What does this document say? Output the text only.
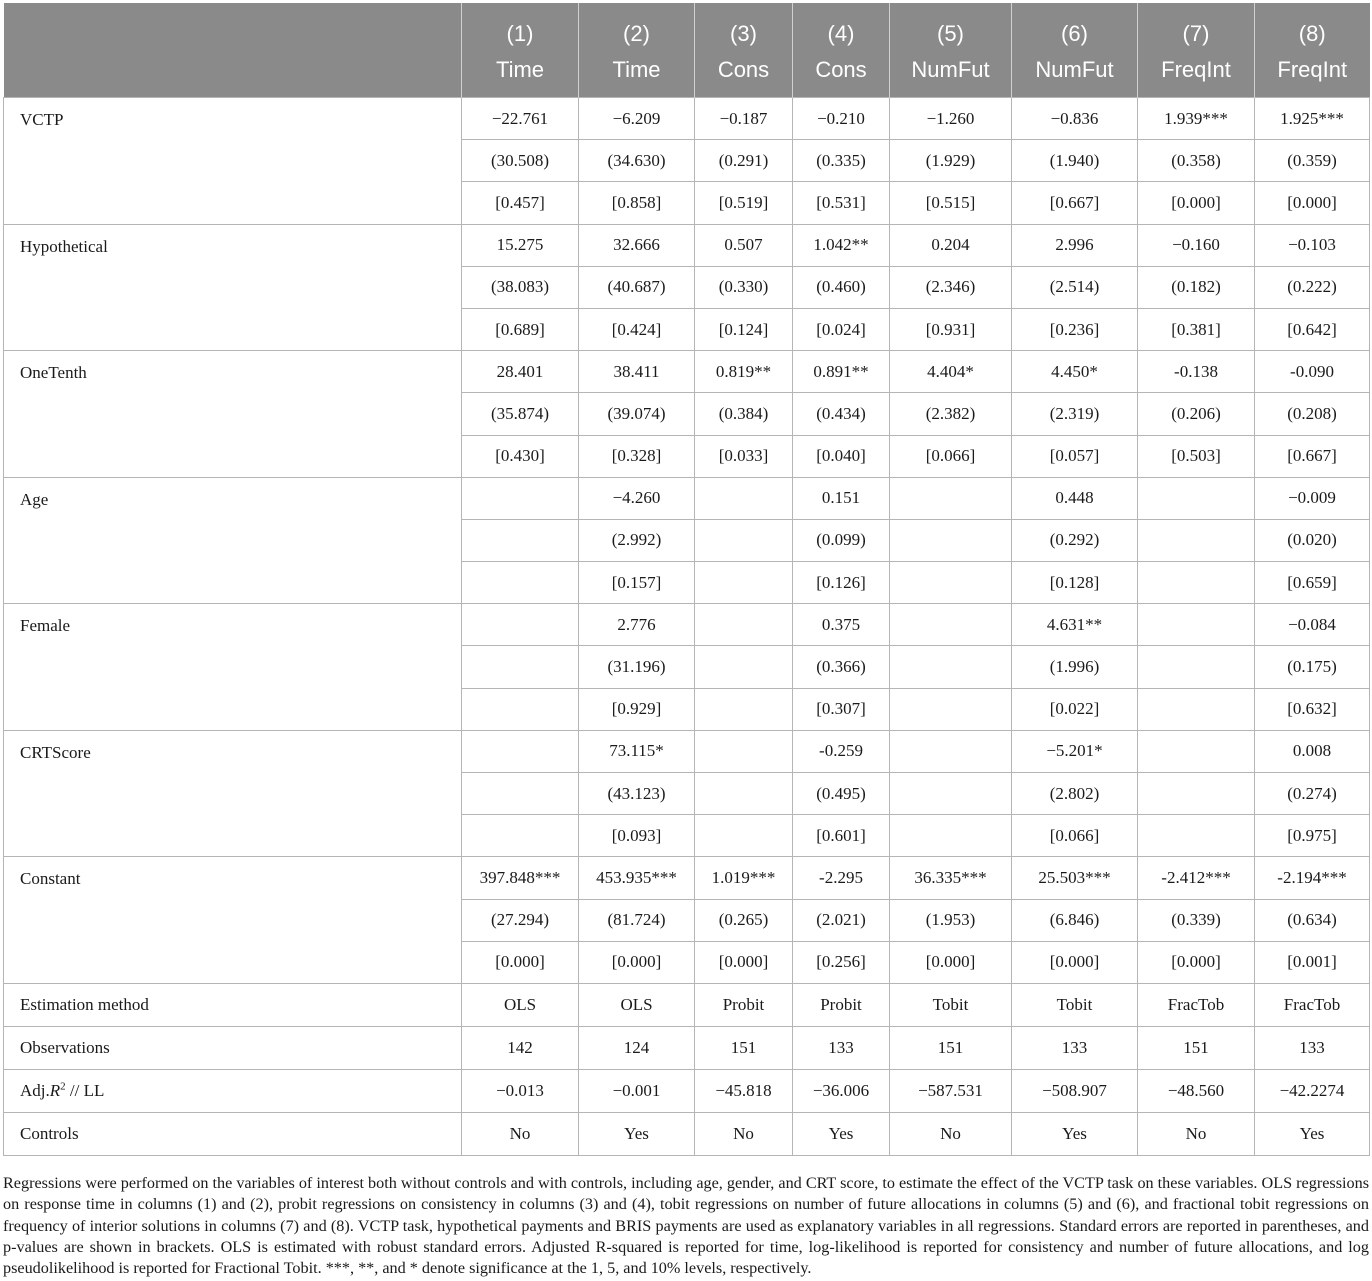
	(1)	(2)	(3)	(4)	(5)	(6)	(7)	(8)
	Time	Time	Cons	Cons	NumFut	NumFut	FreqInt	FreqInt
VCTP	−22.761	−6.209	−0.187	−0.210	−1.260	−0.836	1.939***	1.925***
	(30.508)	(34.630)	(0.291)	(0.335)	(1.929)	(1.940)	(0.358)	(0.359)
	[0.457]	[0.858]	[0.519]	[0.531]	[0.515]	[0.667]	[0.000]	[0.000]
Hypothetical	15.275	32.666	0.507	1.042**	0.204	2.996	−0.160	−0.103
	(38.083)	(40.687)	(0.330)	(0.460)	(2.346)	(2.514)	(0.182)	(0.222)
	[0.689]	[0.424]	[0.124]	[0.024]	[0.931]	[0.236]	[0.381]	[0.642]
OneTenth	28.401	38.411	0.819**	0.891**	4.404*	4.450*	-0.138	-0.090
	(35.874)	(39.074)	(0.384)	(0.434)	(2.382)	(2.319)	(0.206)	(0.208)
	[0.430]	[0.328]	[0.033]	[0.040]	[0.066]	[0.057]	[0.503]	[0.667]
Age		−4.260		0.151		0.448		−0.009
		(2.992)		(0.099)		(0.292)		(0.020)
		[0.157]		[0.126]		[0.128]		[0.659]
Female		2.776		0.375		4.631**		−0.084
		(31.196)		(0.366)		(1.996)		(0.175)
		[0.929]		[0.307]		[0.022]		[0.632]
CRTScore		73.115*		-0.259		−5.201*		0.008
		(43.123)		(0.495)		(2.802)		(0.274)
		[0.093]		[0.601]		[0.066]		[0.975]
Constant	397.848***	453.935***	1.019***	-2.295	36.335***	25.503***	-2.412***	-2.194***
	(27.294)	(81.724)	(0.265)	(2.021)	(1.953)	(6.846)	(0.339)	(0.634)
	[0.000]	[0.000]	[0.000]	[0.256]	[0.000]	[0.000]	[0.000]	[0.001]
Estimation method	OLS	OLS	Probit	Probit	Tobit	Tobit	FracTob	FracTob
Observations	142	124	151	133	151	133	151	133
$Adj.R^2$ // LL	−0.013	−0.001	−45.818	−36.006	−587.531	−508.907	−48.560	−42.2274
Controls	No	Yes	No	Yes	No	Yes	No	Yes

Regressions were performed on the variables of interest both without controls and with controls, including age, gender, and CRT score, to estimate the effect of the VCTP task on these variables. OLS regressions on response time in columns (1) and (2), probit regressions on consistency in columns (3) and (4), tobit regressions on number of future allocations in columns (5) and (6), and fractional tobit regressions on frequency of interior solutions in columns (7) and (8). VCTP task, hypothetical payments and BRIS payments are used as explanatory variables in all regressions. Standard errors are reported in parentheses, and p-values are shown in brackets. OLS is estimated with robust standard errors. Adjusted R-squared is reported for time, log-likelihood is reported for consistency and number of future allocations, and log pseudolikelihood is reported for Fractional Tobit. ***, **, and * denote significance at the 1, 5, and 10% levels, respectively.
